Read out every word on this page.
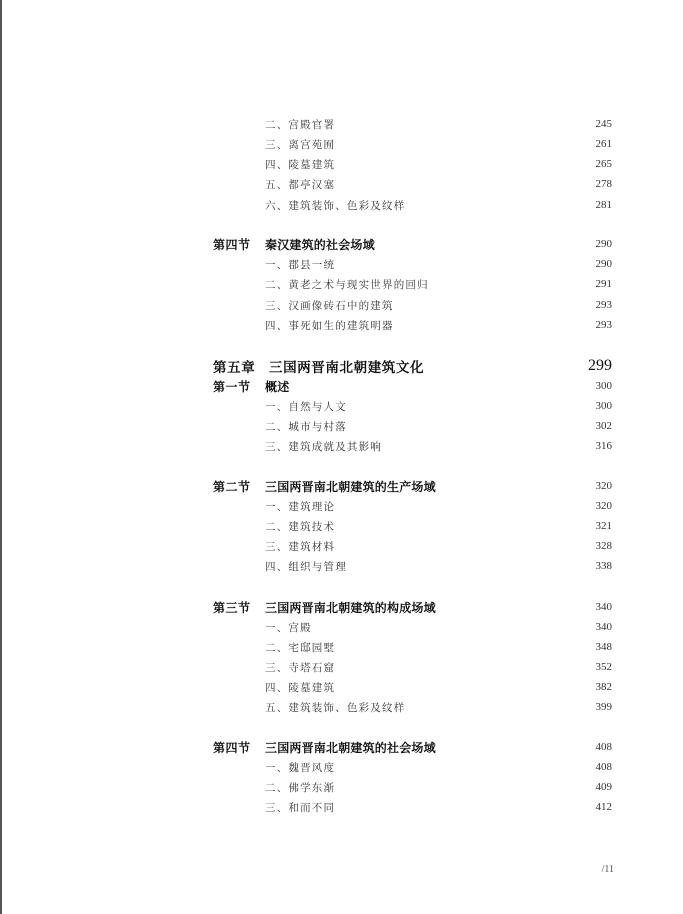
二、宫殿官署	245
三、离宫苑囿	261
四、陵墓建筑	265
五、都亭汉塞	278
六、建筑装饰、色彩及纹样	281
第四节	秦汉建筑的社会场域	290
一、郡县一统	290
二、黄老之术与现实世界的回归	291
三、汉画像砖石中的建筑	293
四、事死如生的建筑明器	293
第五章	三国两晋南北朝建筑文化	299
第一节	概述	300
一、自然与人文	300
二、城市与村落	302
三、建筑成就及其影响	316
第二节	三国两晋南北朝建筑的生产场域	320
一、建筑理论	320
二、建筑技术	321
三、建筑材料	328
四、组织与管理	338
第三节	三国两晋南北朝建筑的构成场域	340
一、宫殿	340
二、宅邸园墅	348
三、寺塔石窟	352
四、陵墓建筑	382
五、建筑装饰、色彩及纹样	399
第四节	三国两晋南北朝建筑的社会场域	408
一、魏晋风度	408
二、佛学东渐	409
三、和而不同	412
/11
